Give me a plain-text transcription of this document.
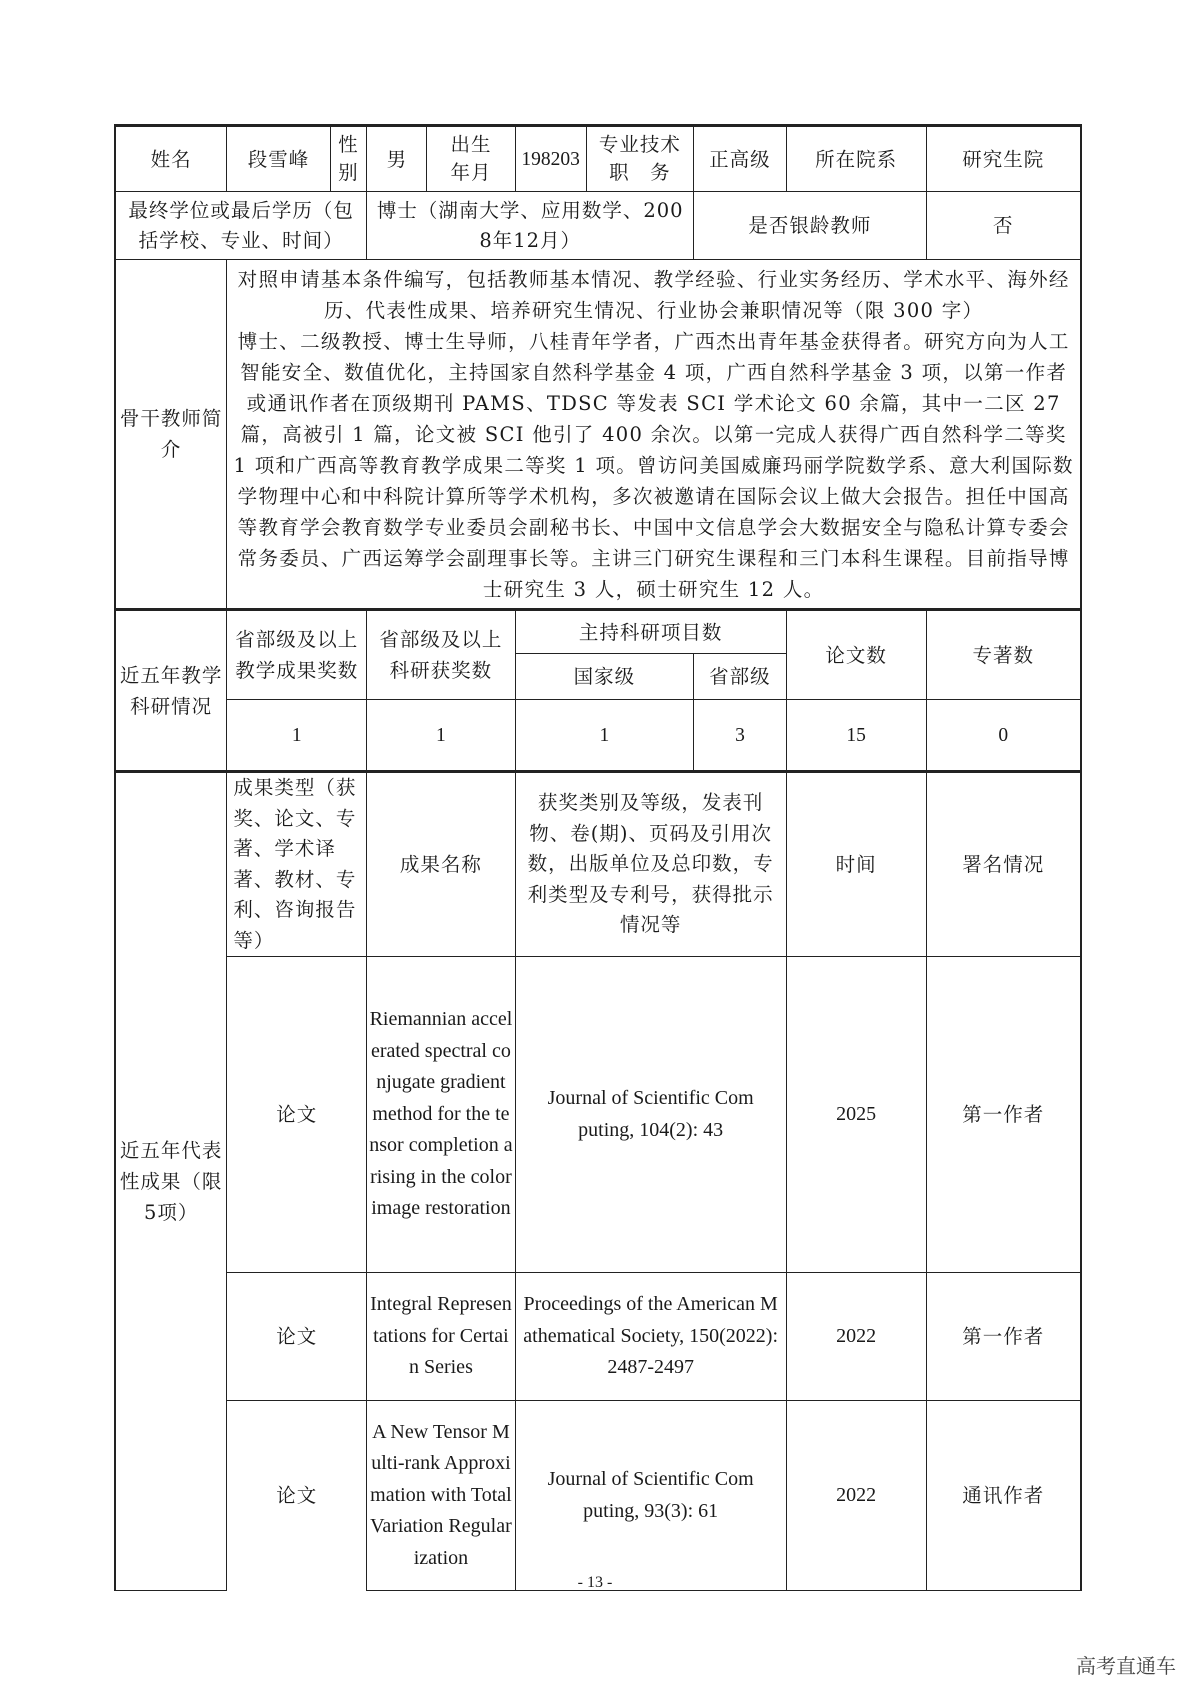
姓名	段雪峰	性别	男	出生年月	198203	专业技术职　务	正高级	所在院系	研究生院
最终学位或最后学历（包括学校、专业、时间）			博士（湖南大学、应用数学、2008年12月）				是否银龄教师		否
骨干教师简介	对照申请基本条件编写，包括教师基本情况、教学经验、行业实务经历、学术水平、海外经历、代表性成果、培养研究生情况、行业协会兼职情况等（限 300 字）

博士、二级教授、博士生导师，八桂青年学者，广西杰出青年基金获得者。研究方向为人工智能安全、数值优化，主持国家自然科学基金 4 项，广西自然科学基金 3 项，以第一作者或通讯作者在顶级期刊 PAMS、TDSC 等发表 SCI 学术论文 60 余篇，其中一二区 27 篇，高被引 1 篇，论文被 SCI 他引了 400 余次。以第一完成人获得广西自然科学二等奖 1 项和广西高等教育教学成果二等奖 1 项。曾访问美国威廉玛丽学院数学系、意大利国际数学物理中心和中科院计算所等学术机构，多次被邀请在国际会议上做大会报告。担任中国高等教育学会教育数学专业委员会副秘书长、中国中文信息学会大数据安全与隐私计算专委会常务委员、广西运筹学会副理事长等。主讲三门研究生课程和三门本科生课程。目前指导博士研究生 3 人，硕士研究生 12 人。								

近五年教学科研情况	省部级及以上教学成果奖数		省部级及以上科研获奖数		主持科研项目数			论文数	专著数
					国家级		省部级		
	1		1		1		3	15	0
近五年代表性成果（限5项）	成果类型（获奖、论文、专著、学术译著、教材、专利、咨询报告等）		成果名称		获奖类别及等级，发表刊物、卷(期)、页码及引用次数，出版单位及总印数，专利类型及专利号，获得批示情况等			时间	署名情况
	论文		Riemannian accelerated spectral conjugate gradient method for the tensor completion arising in the color image restoration		Journal of Scientific Computing, 104(2): 43			2025	第一作者
	论文		Integral Representations for Certain Series		Proceedings of the American Mathematical Society, 150(2022): 2487-2497			2022	第一作者
	论文		A New Tensor Multi-rank Approximation with Total Variation Regularization		Journal of Scientific Computing, 93(3): 61			2022	通讯作者
- 13 -
高考直通车
